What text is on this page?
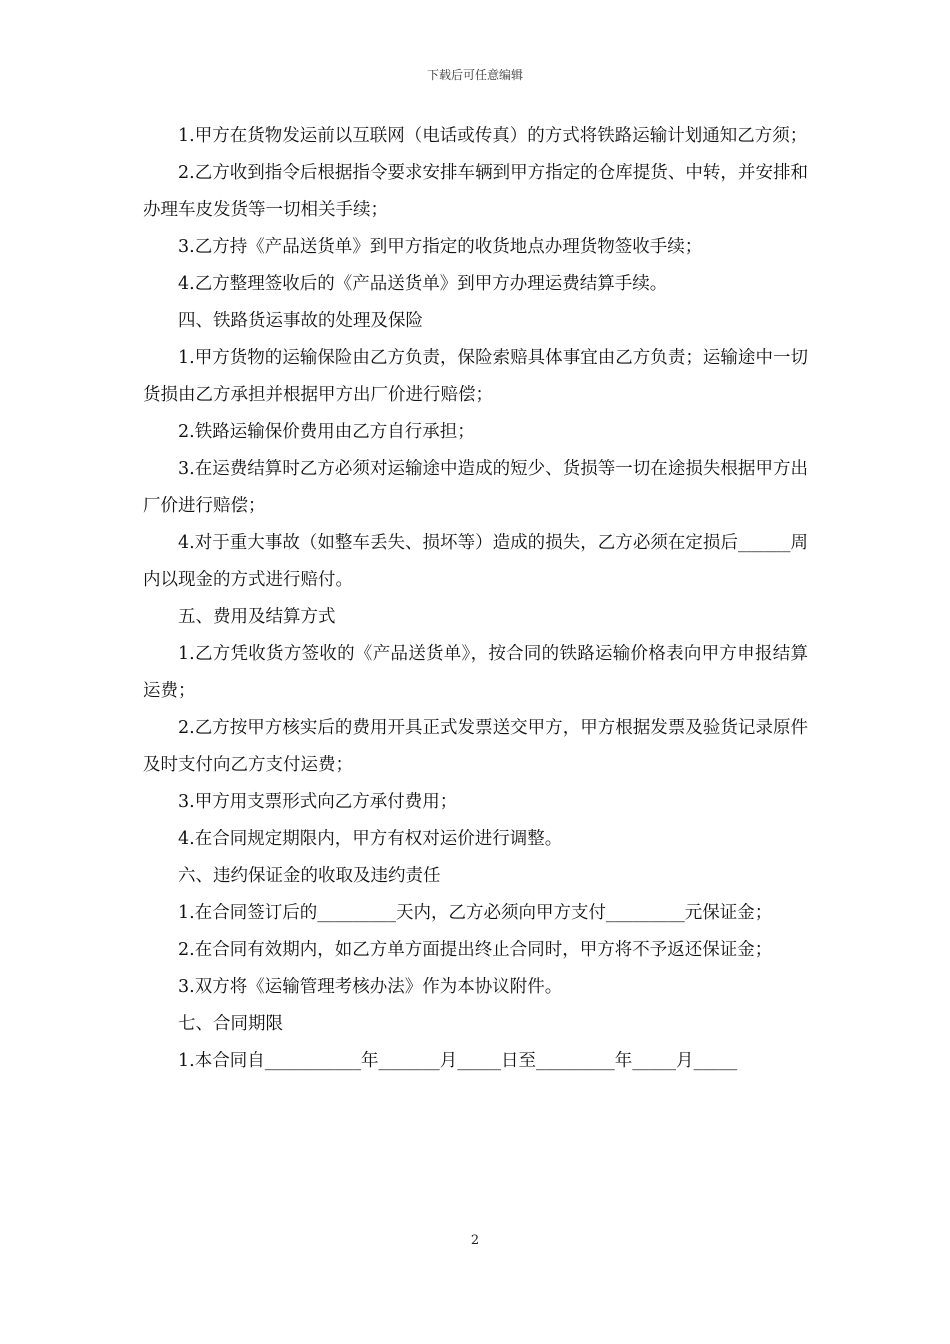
下载后可任意编辑
1.甲方在货物发运前以互联网（电话或传真）的方式将铁路运输计划通知乙方须；
2.乙方收到指令后根据指令要求安排车辆到甲方指定的仓库提货、中转，并安排和办理车皮发货等一切相关手续；
3.乙方持《产品送货单》到甲方指定的收货地点办理货物签收手续；
4.乙方整理签收后的《产品送货单》到甲方办理运费结算手续。
四、铁路货运事故的处理及保险
1.甲方货物的运输保险由乙方负责，保险索赔具体事宜由乙方负责；运输途中一切货损由乙方承担并根据甲方出厂价进行赔偿；
2.铁路运输保价费用由乙方自行承担；
3.在运费结算时乙方必须对运输途中造成的短少、货损等一切在途损失根据甲方出厂价进行赔偿；
4.对于重大事故（如整车丢失、损坏等）造成的损失，乙方必须在定损后______周内以现金的方式进行赔付。
五、费用及结算方式
1.乙方凭收货方签收的《产品送货单》，按合同的铁路运输价格表向甲方申报结算运费；
2.乙方按甲方核实后的费用开具正式发票送交甲方，甲方根据发票及验货记录原件及时支付向乙方支付运费；
3.甲方用支票形式向乙方承付费用；
4.在合同规定期限内，甲方有权对运价进行调整。
六、违约保证金的收取及违约责任
1.在合同签订后的_________天内，乙方必须向甲方支付_________元保证金；
2.在合同有效期内，如乙方单方面提出终止合同时，甲方将不予返还保证金；
3.双方将《运输管理考核办法》作为本协议附件。
七、合同期限
1.本合同自___________年_______月_____日至_________年_____月_____
2
